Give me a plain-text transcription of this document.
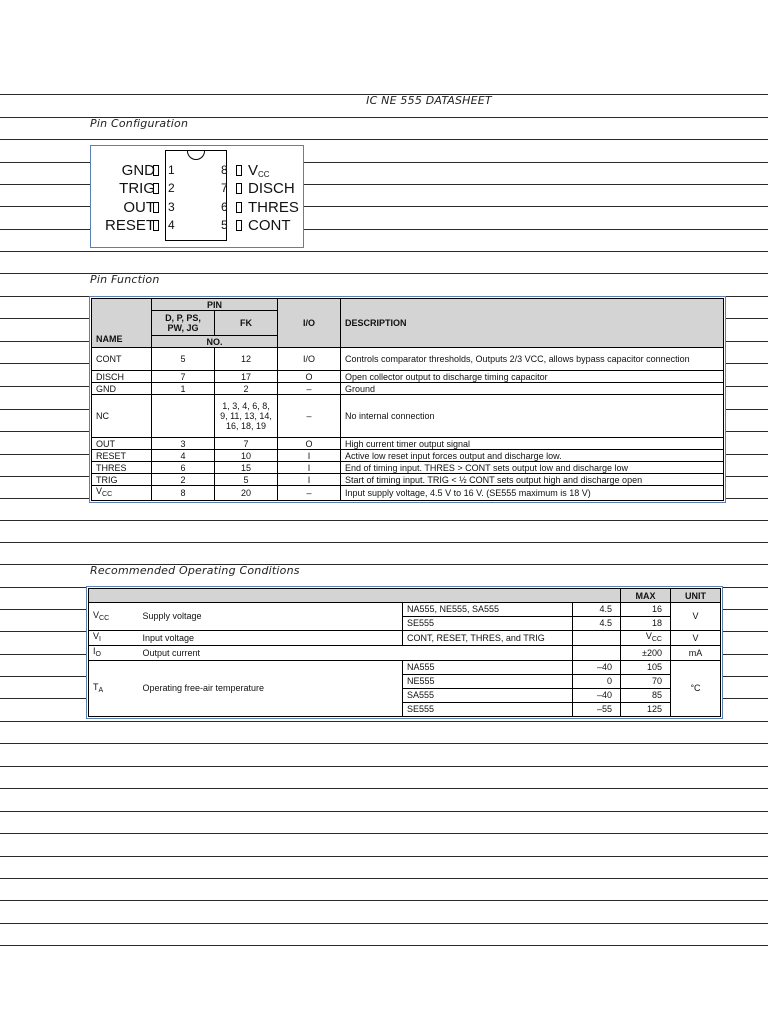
IC NE 555 DATASHEET
Pin Configuration
Pin Function
Recommended Operating Conditions
GND 1
TRIG 2
OUT 3
RESET 4
8 $V_{CC}$
7 DISCH
6 THRES
5 CONT
NAME	PIN		I/O	DESCRIPTION
	D, P, PS, PW, JG	FK		
	NO.			
CONT	5	12	I/O	Controls comparator thresholds, Outputs 2/3 VCC, allows bypass capacitor connection
DISCH	7	17	O	Open collector output to discharge timing capacitor
GND	1	2	–	Ground
NC		1, 3, 4, 6, 8, 9, 11, 13, 14, 16, 18, 19	–	No internal connection
OUT	3	7	O	High current timer output signal
RESET	4	10	I	Active low reset input forces output and discharge low.
THRES	6	15	I	End of timing input. THRES > CONT sets output low and discharge low
TRIG	2	5	I	Start of timing input. TRIG < ½ CONT sets output high and discharge open
$V_{CC}$	8	20	–	Input supply voltage, 4.5 V to 16 V. (SE555 maximum is 18 V)
				MAX	UNIT
$V_{CC}$	Supply voltage	NA555, NE555, SA555	4.5	16	V
		SE555	4.5	18	
$V_I$	Input voltage	CONT, RESET, THRES, and TRIG		$V_{CC}$	V
$I_O$	Output current			±200	mA
$T_A$	Operating free-air temperature	NA555	–40	105	°C
		NE555	0	70	
		SA555	–40	85	
		SE555	–55	125	
